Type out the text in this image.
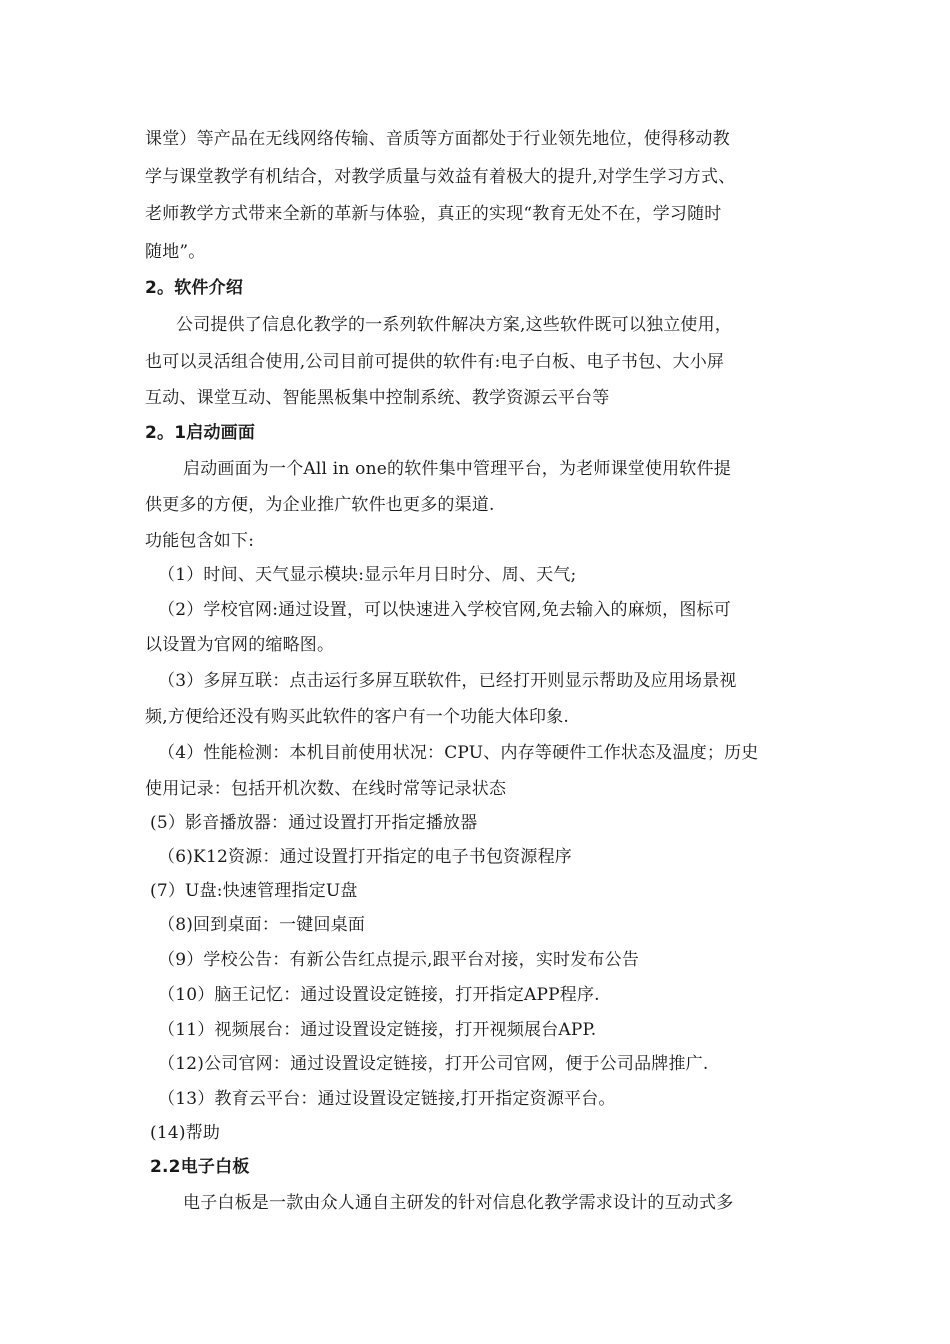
课堂）等产品在无线网络传输、音质等方面都处于行业领先地位，使得移动教
学与课堂教学有机结合，对教学质量与效益有着极大的提升,对学生学习方式、
老师教学方式带来全新的革新与体验，真正的实现“教育无处不在，学习随时
随地”。
2。软件介绍
公司提供了信息化教学的一系列软件解决方案,这些软件既可以独立使用，
也可以灵活组合使用,公司目前可提供的软件有:电子白板、电子书包、大小屏
互动、课堂互动、智能黑板集中控制系统、教学资源云平台等
2。1启动画面
启动画面为一个All in one的软件集中管理平台，为老师课堂使用软件提
供更多的方便，为企业推广软件也更多的渠道.
功能包含如下:
（1）时间、天气显示模块:显示年月日时分、周、天气;
（2）学校官网:通过设置，可以快速进入学校官网,免去输入的麻烦，图标可
以设置为官网的缩略图。
（3）多屏互联：点击运行多屏互联软件，已经打开则显示帮助及应用场景视
频,方便给还没有购买此软件的客户有一个功能大体印象.
（4）性能检测：本机目前使用状况：CPU、内存等硬件工作状态及温度；历史
使用记录：包括开机次数、在线时常等记录状态
(5）影音播放器：通过设置打开指定播放器
（6)K12资源：通过设置打开指定的电子书包资源程序
(7）U盘:快速管理指定U盘
（8)回到桌面：一键回桌面
（9）学校公告：有新公告红点提示,跟平台对接，实时发布公告
（10）脑王记忆：通过设置设定链接，打开指定APP程序.
（11）视频展台：通过设置设定链接，打开视频展台APP.
（12)公司官网：通过设置设定链接，打开公司官网，便于公司品牌推广.
（13）教育云平台：通过设置设定链接,打开指定资源平台。
(14)帮助
2.2电子白板
电子白板是一款由众人通自主研发的针对信息化教学需求设计的互动式多
